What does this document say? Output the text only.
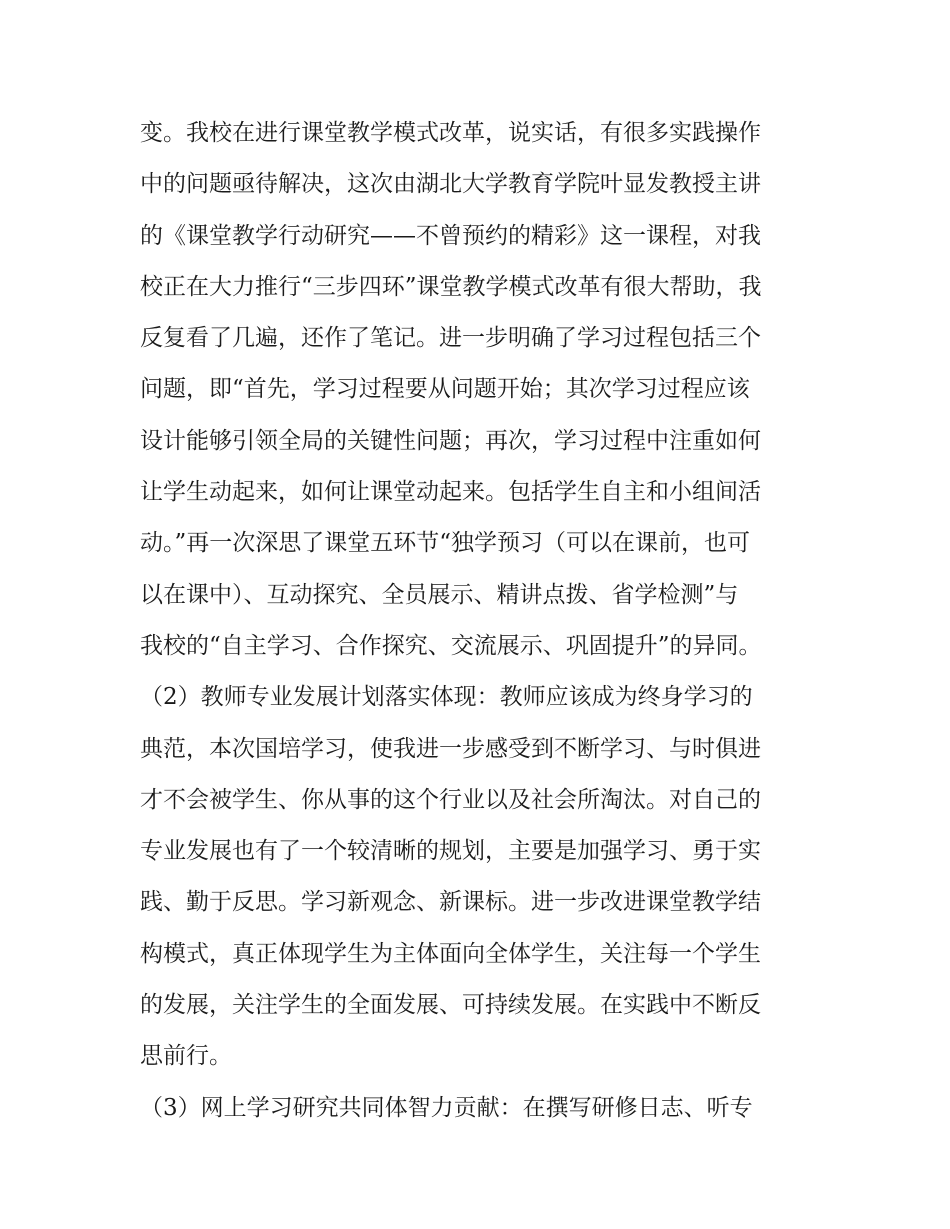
变。我校在进行课堂教学模式改革，说实话，有很多实践操作
中的问题亟待解决，这次由湖北大学教育学院叶显发教授主讲
的《课堂教学行动研究——不曾预约的精彩》这一课程，对我
校正在大力推行“三步四环”课堂教学模式改革有很大帮助，我
反复看了几遍，还作了笔记。进一步明确了学习过程包括三个
问题，即“首先，学习过程要从问题开始；其次学习过程应该
设计能够引领全局的关键性问题；再次，学习过程中注重如何
让学生动起来，如何让课堂动起来。包括学生自主和小组间活
动。”再一次深思了课堂五环节“独学预习（可以在课前，也可
以在课中）、互动探究、全员展示、精讲点拨、省学检测”与
我校的“自主学习、合作探究、交流展示、巩固提升”的异同。
（2）教师专业发展计划落实体现：教师应该成为终身学习的
典范，本次国培学习，使我进一步感受到不断学习、与时俱进
才不会被学生、你从事的这个行业以及社会所淘汰。对自己的
专业发展也有了一个较清晰的规划，主要是加强学习、勇于实
践、勤于反思。学习新观念、新课标。进一步改进课堂教学结
构模式，真正体现学生为主体面向全体学生，关注每一个学生
的发展，关注学生的全面发展、可持续发展。在实践中不断反
思前行。
（3）网上学习研究共同体智力贡献：在撰写研修日志、听专
